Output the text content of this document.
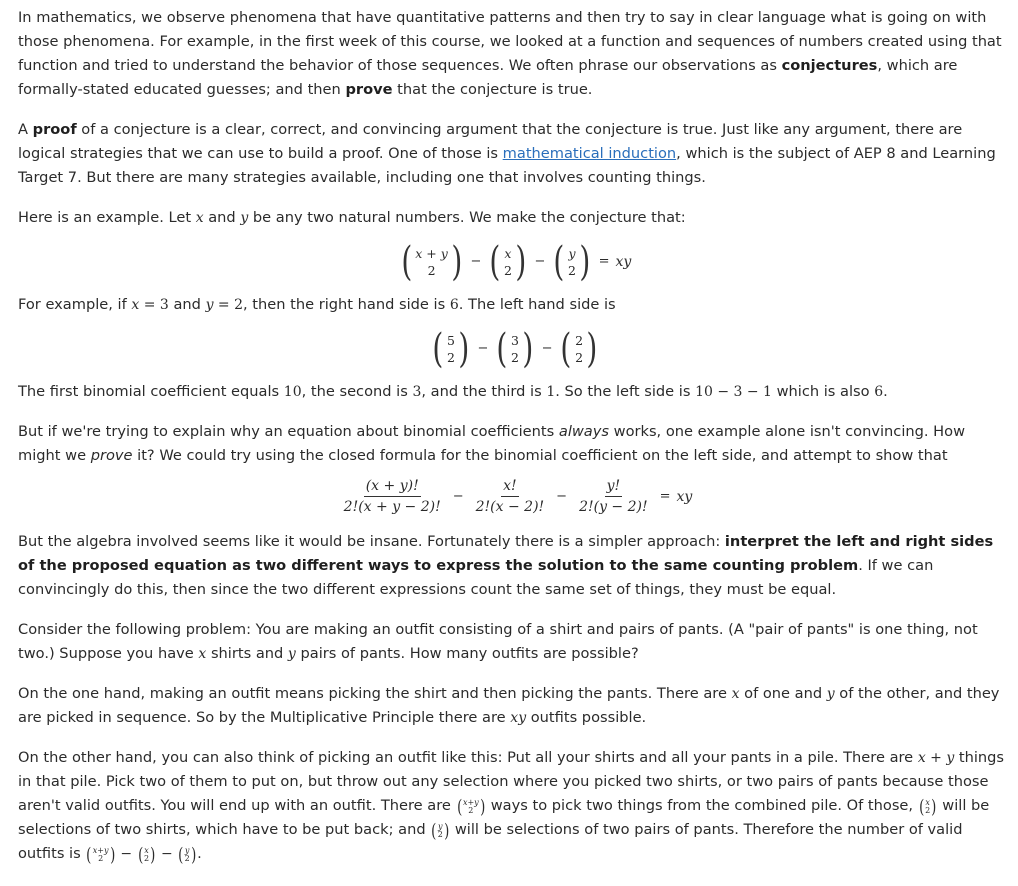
In mathematics, we observe phenomena that have quantitative patterns and then try to say in clear language what is going on with those phenomena. For example, in the first week of this course, we looked at a function and sequences of numbers created using that function and tried to understand the behavior of those sequences. We often phrase our observations as conjectures, which are formally-stated educated guesses; and then prove that the conjecture is true.

A proof of a conjecture is a clear, correct, and convincing argument that the conjecture is true. Just like any argument, there are logical strategies that we can use to build a proof. One of those is mathematical induction, which is the subject of AEP 8 and Learning Target 7. But there are many strategies available, including one that involves counting things.

Here is an example. Let x and y be any two natural numbers. We make the conjecture that:

( x + y
2 ) − ( x
2 ) − ( y
2 ) = xy

For example, if x = 3 and y = 2, then the right hand side is 6. The left hand side is

( 5
2 ) − ( 3
2 ) − ( 2
2 )

The first binomial coefficient equals 10, the second is 3, and the third is 1. So the left side is 10 − 3 − 1 which is also 6.

But if we're trying to explain why an equation about binomial coefficients always works, one example alone isn't convincing. How might we prove it? We could try using the closed formula for the binomial coefficient on the left side, and attempt to show that

$\frac{(x + y)!}{2!(x + y - 2)!} - \frac{x!}{2!(x - 2)!} - \frac{y!}{2!(y - 2)!}$ = xy

But the algebra involved seems like it would be insane. Fortunately there is a simpler approach: interpret the left and right sides of the proposed equation as two different ways to express the solution to the same counting problem. If we can convincingly do this, then since the two different expressions count the same set of things, they must be equal.

Consider the following problem: You are making an outfit consisting of a shirt and pairs of pants. (A "pair of pants" is one thing, not two.) Suppose you have x shirts and y pairs of pants. How many outfits are possible?

On the one hand, making an outfit means picking the shirt and then picking the pants. There are x of one and y of the other, and they are picked in sequence. So by the Multiplicative Principle there are xy outfits possible.

On the other hand, you can also think of picking an outfit like this: Put all your shirts and all your pants in a pile. There are x + y things in that pile. Pick two of them to put on, but throw out any selection where you picked two shirts, or two pairs of pants because those aren't valid outfits. You will end up with an outfit. There are ( x+y
2 ) ways to pick two things from the combined pile. Of those, ( x
2 ) will be selections of two shirts, which have to be put back; and ( y
2 ) will be selections of two pairs of pants. Therefore the number of valid outfits is ( x+y
2 ) − ( x
2 ) − ( y
2 ) .
